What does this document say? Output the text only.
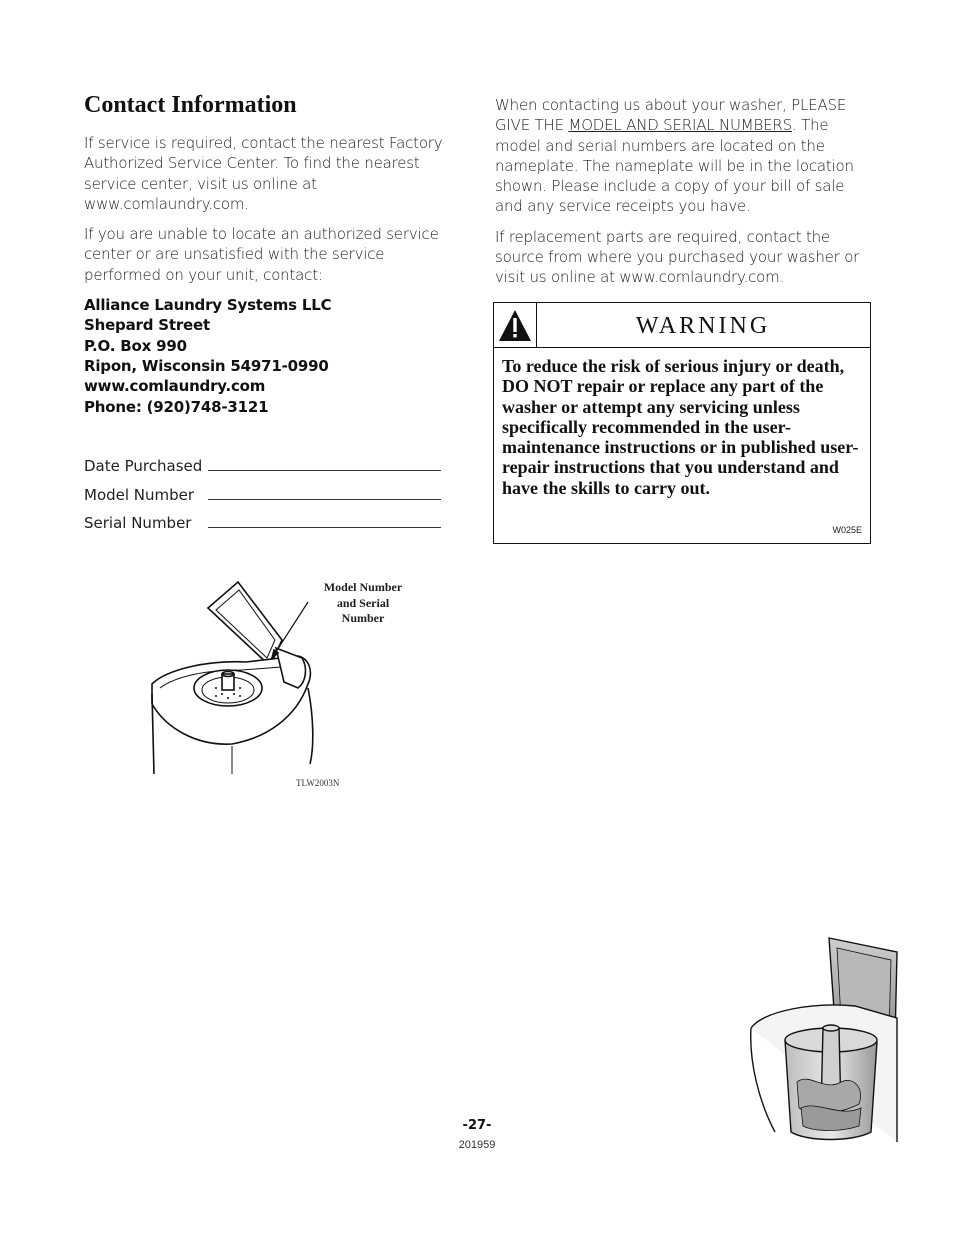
Contact Information

If service is required, contact the nearest Factory Authorized Service Center. To find the nearest service center, visit us online at www.comlaundry.com.

If you are unable to locate an authorized service center or are unsatisfied with the service performed on your unit, contact:

Alliance Laundry Systems LLC
Shepard Street
P.O. Box 990
Ripon, Wisconsin 54971-0990
www.comlaundry.com
Phone: (920)748-3121
Date Purchased
Model Number
Serial Number

When contacting us about your washer, PLEASE GIVE THE MODEL AND SERIAL NUMBERS. The model and serial numbers are located on the nameplate. The nameplate will be in the location shown. Please include a copy of your bill of sale and any service receipts you have.

If replacement parts are required, contact the source from where you purchased your washer or visit us online at www.comlaundry.com.

WARNING
To reduce the risk of serious injury or death, DO NOT repair or replace any part of the washer or attempt any servicing unless specifically recommended in the user-maintenance instructions or in published user-repair instructions that you understand and have the skills to carry out.
W025E
Model Number and Serial Number
TLW2003N
-27-
201959
